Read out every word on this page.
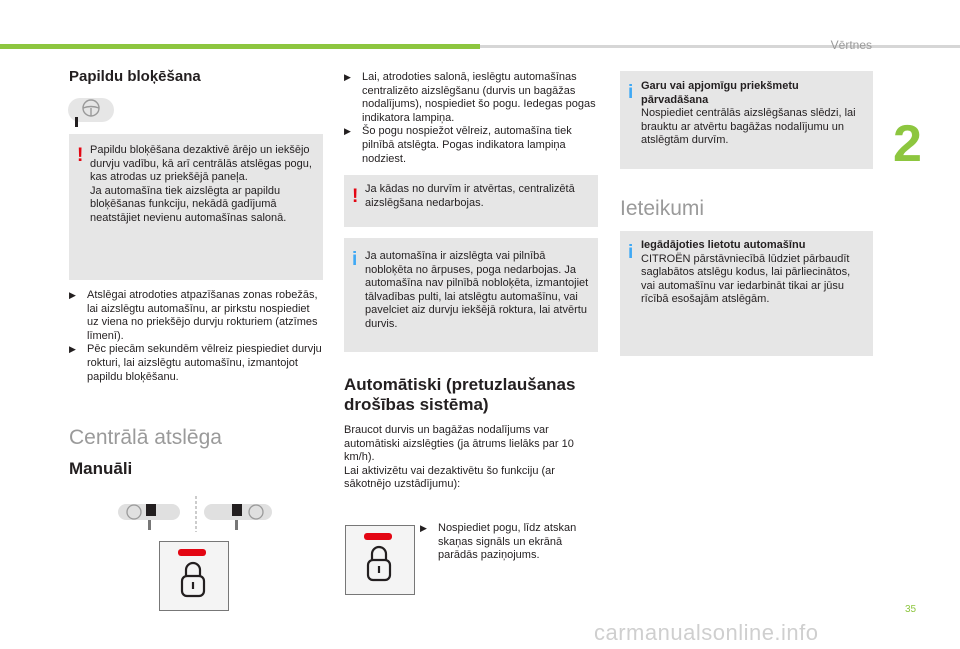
Vērtnes
2
Papildu bloķēšana
! Papildu bloķēšana dezaktivē ārējo un iekšējo durvju vadību, kā arī centrālās atslēgas pogu, kas atrodas uz priekšējā paneļa.
Ja automašīna tiek aizslēgta ar papildu bloķēšanas funkciju, nekādā gadījumā neatstājiet nevienu automašīnas salonā.
▶ Atslēgai atrodoties atpazīšanas zonas robežās, lai aizslēgtu automašīnu, ar pirkstu nospiediet uz viena no priekšējo durvju rokturiem (atzīmes līmenī).
▶ Pēc piecām sekundēm vēlreiz piespiediet durvju rokturi, lai aizslēgtu automašīnu, izmantojot papildu bloķēšanu.
Centrālā atslēga
Manuāli
▶ Lai, atrodoties salonā, ieslēgtu automašīnas centralizēto aizslēgšanu (durvis un bagāžas nodalījums), nospiediet šo pogu. Iedegas pogas indikatora lampiņa.
▶ Šo pogu nospiežot vēlreiz, automašīna tiek pilnībā atslēgta. Pogas indikatora lampiņa nodziest.
! Ja kādas no durvīm ir atvērtas, centralizētā aizslēgšana nedarbojas.
i Ja automašīna ir aizslēgta vai pilnībā nobloķēta no ārpuses, poga nedarbojas. Ja automašīna nav pilnībā nobloķēta, izmantojiet tālvadības pulti, lai atslēgtu automašīnu, vai pavelciet aiz durvju iekšējā roktura, lai atvērtu durvis.
Automātiski (pretuzlaušanas drošības sistēma)
Braucot durvis un bagāžas nodalījums var automātiski aizslēgties (ja ātrums lielāks par 10 km/h).
Lai aktivizētu vai dezaktivētu šo funkciju (ar sākotnējo uzstādījumu):
▶ Nospiediet pogu, līdz atskan skaņas signāls un ekrānā parādās paziņojums.
i Garu vai apjomīgu priekšmetu pārvadāšana
Nospiediet centrālās aizslēgšanas slēdzi, lai brauktu ar atvērtu bagāžas nodalījumu un atslēgtām durvīm.
Ieteikumi
i Iegādājoties lietotu automašīnu
CITROËN pārstāvniecībā lūdziet pārbaudīt saglabātos atslēgu kodus, lai pārliecinātos, vai automašīnu var iedarbināt tikai ar jūsu rīcībā esošajām atslēgām.
35
carmanualsonline.info
